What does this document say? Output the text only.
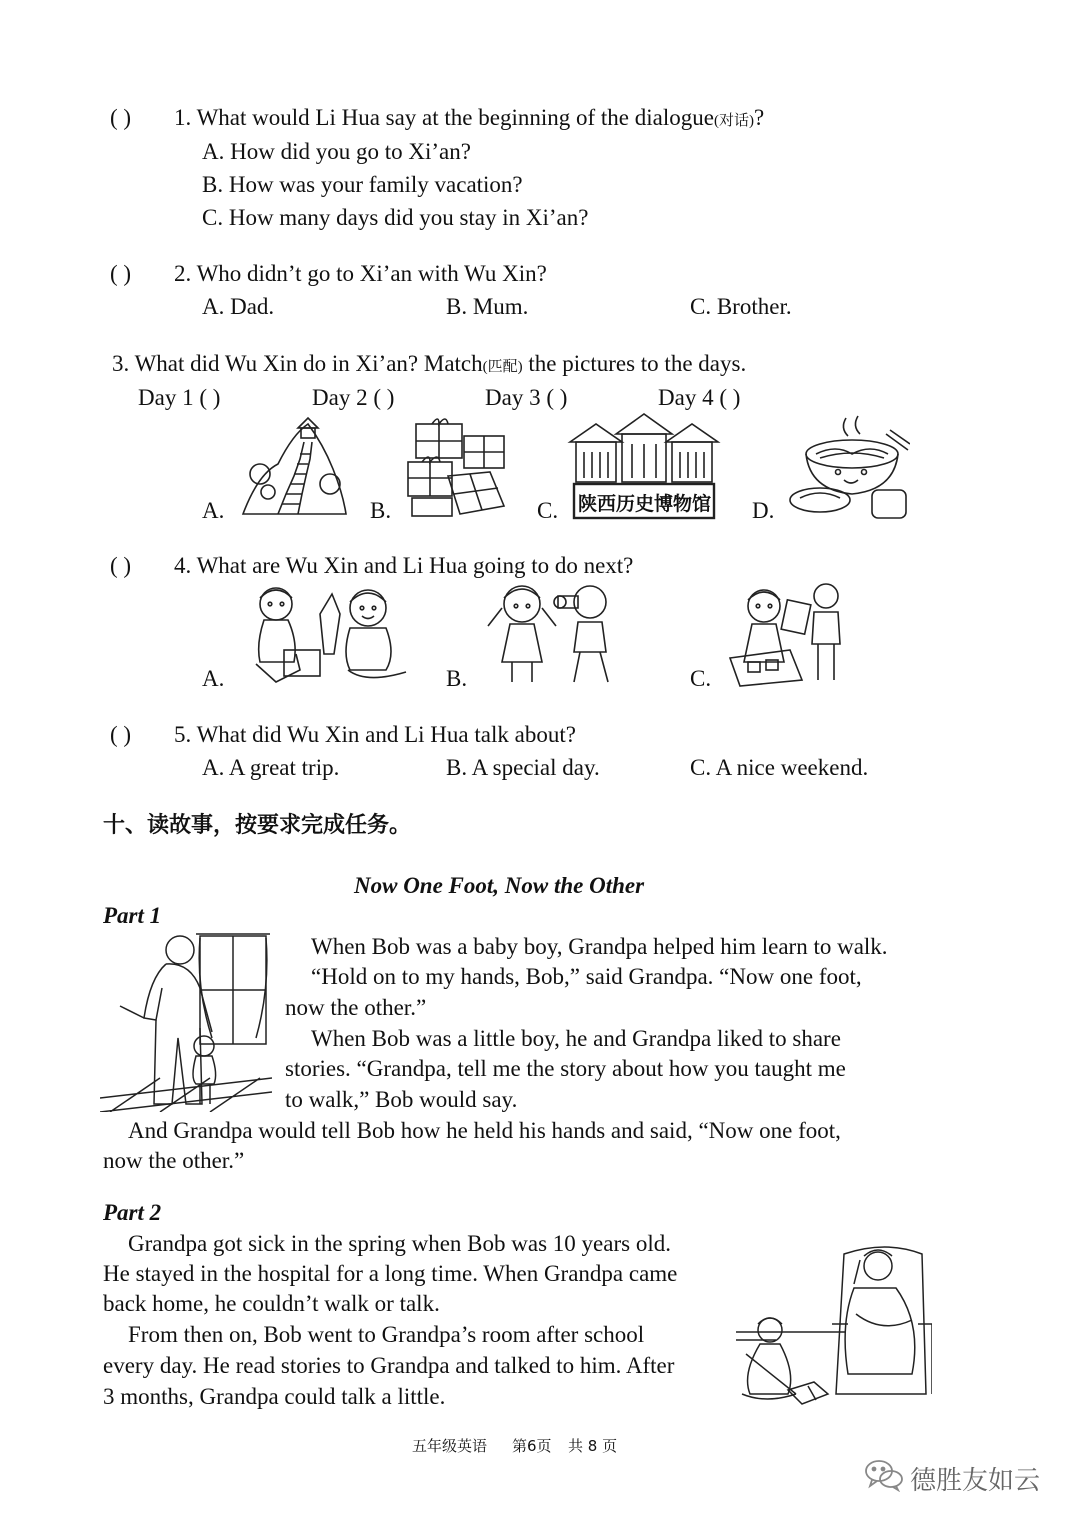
( ) 1. What would Li Hua say at the beginning of the dialogue(对话)?
A. How did you go to Xi’an?
B. How was your family vacation?
C. How many days did you stay in Xi’an?
( ) 2. Who didn’t go to Xi’an with Wu Xin?
A. Dad.	B. Mum.	C. Brother.
3. What did Wu Xin do in Xi’an? Match(匹配) the pictures to the days.
Day 1 ( )	Day 2 ( )	Day 3 ( )	Day 4 ( )
A.	B.	C. 陕西历史博物馆 D.
( ) 4. What are Wu Xin and Li Hua going to do next?
A.	B.	C.
( ) 5. What did Wu Xin and Li Hua talk about?
A. A great trip.	B. A special day.	C. A nice weekend.
十、读故事，按要求完成任务。
Now One Foot, Now the Other
Part 1
When Bob was a baby boy, Grandpa helped him learn to walk.
“Hold on to my hands, Bob,” said Grandpa. “Now one foot,
now the other.”
When Bob was a little boy, he and Grandpa liked to share
stories. “Grandpa, tell me the story about how you taught me
to walk,” Bob would say.
And Grandpa would tell Bob how he held his hands and said, “Now one foot,
now the other.”
Part 2
Grandpa got sick in the spring when Bob was 10 years old.
He stayed in the hospital for a long time. When Grandpa came
back home, he couldn’t walk or talk.
From then on, Bob went to Grandpa’s room after school
every day. He read stories to Grandpa and talked to him. After
3 months, Grandpa could talk a little.
五年级英语 第6页 共 8 页
德胜友如云
